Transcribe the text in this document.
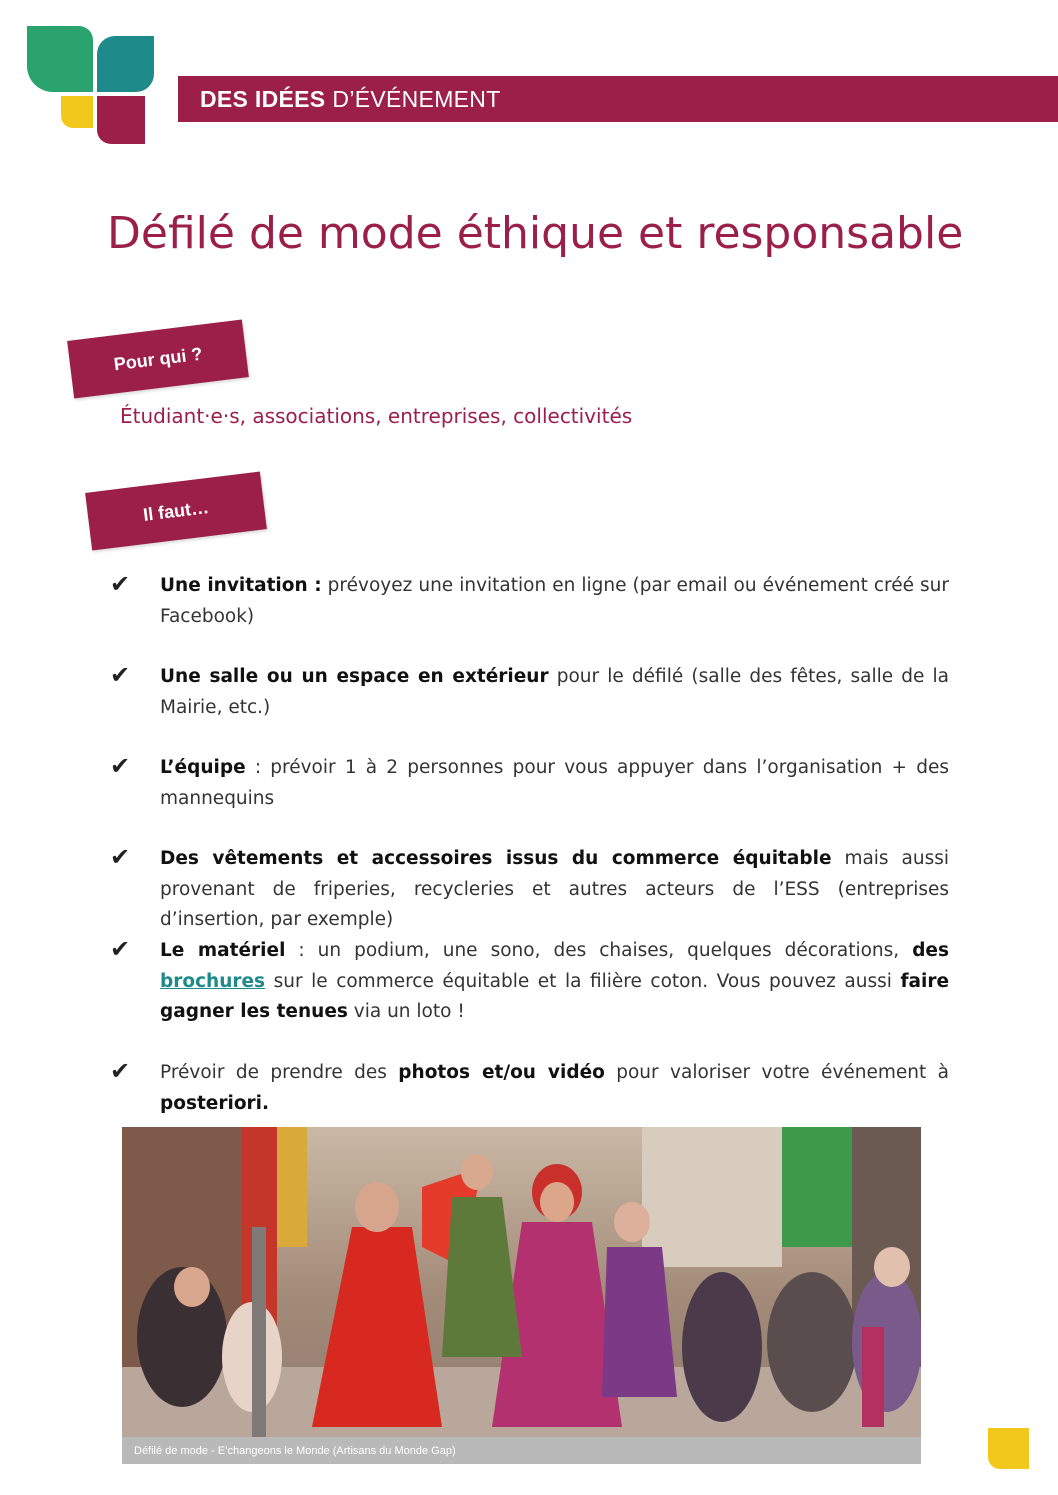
DES IDÉES D’ÉVÉNEMENT
Défilé de mode éthique et responsable
Pour qui ?
Étudiant·e·s, associations, entreprises, collectivités
Il faut…
✔ Une invitation : prévoyez une invitation en ligne (par email ou événement créé sur Facebook)
✔ Une salle ou un espace en extérieur pour le défilé (salle des fêtes, salle de la Mairie, etc.)
✔ L’équipe : prévoir 1 à 2 personnes pour vous appuyer dans l’organisation + des mannequins
✔ Des vêtements et accessoires issus du commerce équitable mais aussi provenant de friperies, recycleries et autres acteurs de l’ESS (entreprises d’insertion, par exemple)
✔ Le matériel : un podium, une sono, des chaises, quelques décorations, des brochures sur le commerce équitable et la filière coton. Vous pouvez aussi faire gagner les tenues via un loto !
✔ Prévoir de prendre des photos et/ou vidéo pour valoriser votre événement à posteriori.
Défilé de mode - E’changeons le Monde (Artisans du Monde Gap)
